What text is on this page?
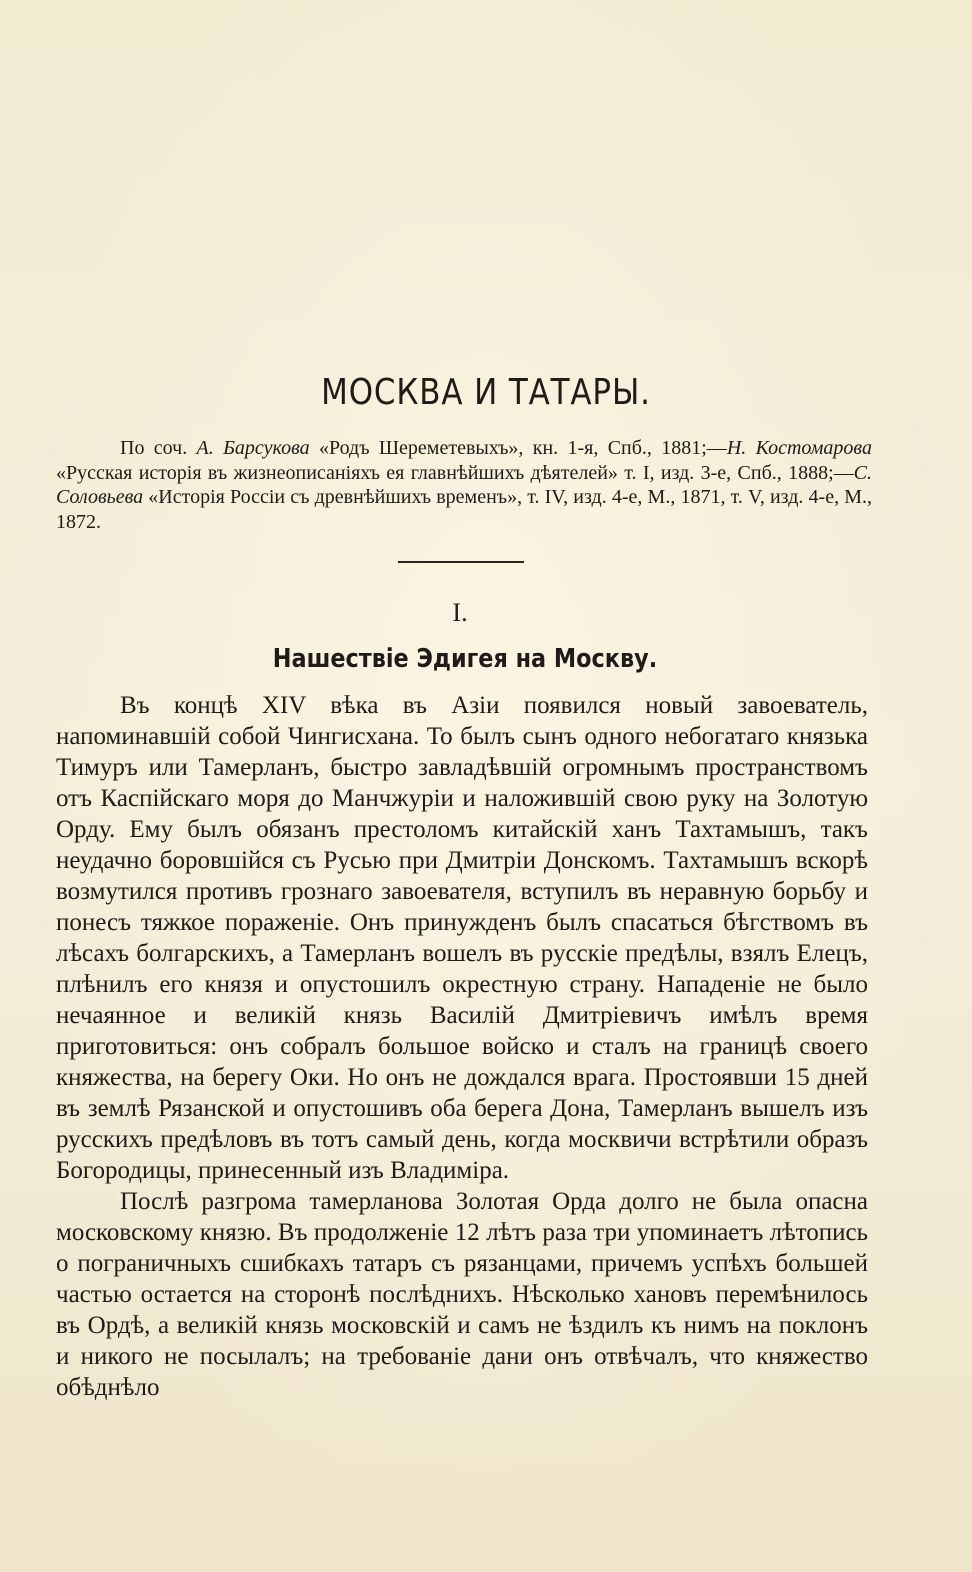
МОСКВА И ТАТАРЫ.
По соч. А. Барсукова «Родъ Шереметевыхъ», кн. 1-я, Спб., 1881;—Н. Костомарова «Русская исторія въ жизнеописаніяхъ ея главнѣйшихъ дѣятелей» т. I, изд. 3-е, Спб., 1888;—С. Соловьева «Исторія Россіи съ древнѣйшихъ временъ», т. IV, изд. 4-е, М., 1871, т. V, изд. 4-е, М., 1872.
I.
Нашествіе Эдигея на Москву.

Въ концѣ XIV вѣка въ Азіи появился новый завоеватель, напоминавшій собой Чингисхана. То былъ сынъ одного небогатаго князька Тимуръ или Тамерланъ, быстро завладѣвшій огромнымъ пространствомъ отъ Каспійскаго моря до Манчжуріи и наложившій свою руку на Золотую Орду. Ему былъ обязанъ престоломъ китайскій ханъ Тахтамышъ, такъ неудачно боровшійся съ Русью при Дмитріи Донскомъ. Тахтамышъ вскорѣ возмутился противъ грознаго завоевателя, вступилъ въ неравную борьбу и понесъ тяжкое пораженіе. Онъ принужденъ былъ спасаться бѣгствомъ въ лѣсахъ болгарскихъ, а Тамерланъ вошелъ въ русскіе предѣлы, взялъ Елецъ, плѣнилъ его князя и опустошилъ окрестную страну. Нападеніе не было нечаянное и великій князь Василій Дмитріевичъ имѣлъ время приготовиться: онъ собралъ большое войско и сталъ на границѣ своего княжества, на берегу Оки. Но онъ не дождался врага. Простоявши 15 дней въ землѣ Рязанской и опустошивъ оба берега Дона, Тамерланъ вышелъ изъ русскихъ предѣловъ въ тотъ самый день, когда москвичи встрѣтили образъ Богородицы, принесенный изъ Владиміра.

Послѣ разгрома тамерланова Золотая Орда долго не была опасна московскому князю. Въ продолженіе 12 лѣтъ раза три упоминаетъ лѣтопись о пограничныхъ сшибкахъ татаръ съ рязанцами, причемъ успѣхъ большей частью остается на сторонѣ послѣднихъ. Нѣсколько хановъ перемѣнилось въ Ордѣ, а великій князь московскій и самъ не ѣздилъ къ нимъ на поклонъ и никого не посылалъ; на требованіе дани онъ отвѣчалъ, что княжество обѣднѣло
